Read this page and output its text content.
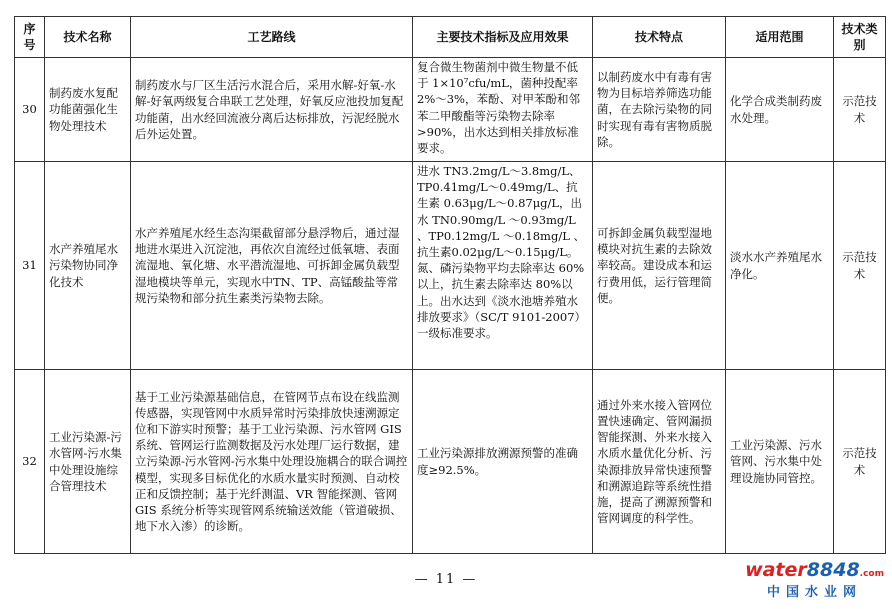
序号	技术名称	工艺路线	主要技术指标及应用效果	技术特点	适用范围	技术类别
30	制药废水复配功能菌强化生物处理技术	制药废水与厂区生活污水混合后，采用水解-好氧-水解-好氧两级复合串联工艺处理，好氧反应池投加复配功能菌，出水经回流液分离后达标排放，污泥经脱水后外运处置。	复合微生物菌剂中微生物量不低于 1×10⁷cfu/mL，菌种投配率 2%～3%，苯酚、对甲苯酚和邻苯二甲酸酯等污染物去除率>90%，出水达到相关排放标准要求。	以制药废水中有毒有害物为目标培养筛选功能菌，在去除污染物的同时实现有毒有害物质脱除。	化学合成类制药废水处理。	示范技术
31	水产养殖尾水污染物协同净化技术	水产养殖尾水经生态沟渠截留部分悬浮物后，通过湿地进水渠进入沉淀池，再依次自流经过低氧塘、表面流湿地、氧化塘、水平潜流湿地、可拆卸金属负载型湿地模块等单元，实现水中TN、TP、高锰酸盐等常规污染物和部分抗生素类污染物去除。	进水 TN3.2mg/L～3.8mg/L、TP0.41mg/L～0.49mg/L、抗生素 0.63μg/L～0.87μg/L，出水 TN0.90mg/L ～0.93mg/L 、TP0.12mg/L ～0.18mg/L 、抗生素0.02μg/L～0.15μg/L。氮、磷污染物平均去除率达 60%以上，抗生素去除率达 80%以上。出水达到《淡水池塘养殖水排放要求》（SC/T 9101-2007）一级标准要求。	可拆卸金属负载型湿地模块对抗生素的去除效率较高。建设成本和运行费用低，运行管理简便。	淡水水产养殖尾水净化。	示范技术
32	工业污染源-污水管网-污水集中处理设施综合管理技术	基于工业污染源基础信息，在管网节点布设在线监测传感器，实现管网中水质异常时污染排放快速溯源定位和下游实时预警；基于工业污染源、污水管网 GIS 系统、管网运行监测数据及污水处理厂运行数据，建立污染源-污水管网-污水集中处理设施耦合的联合调控模型，实现多目标优化的水质水量实时预测、自动校正和反馈控制；基于光纤测温、VR 智能探测、管网 GIS 系统分析等实现管网系统输送效能（管道破损、地下水入渗）的诊断。	工业污染源排放溯源预警的准确度≥92.5%。	通过外来水接入管网位置快速确定、管网漏损智能探测、外来水接入水质水量优化分析、污染源排放异常快速预警和溯源追踪等系统性措施，提高了溯源预警和管网调度的科学性。	工业污染源、污水管网、污水集中处理设施协同管控。	示范技术
— 11 —	water8848.com
中国水业网
